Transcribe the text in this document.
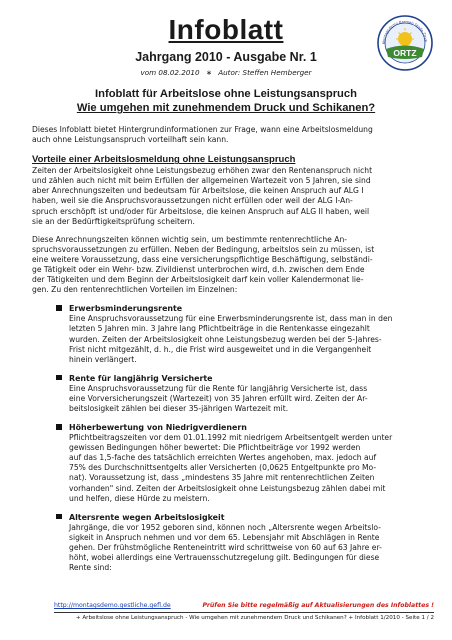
Infoblatt
Jahrgang 2010 - Ausgabe Nr. 1
vom 08.02.2010 ∗ Autor: Steffen Hemberger
ORTZ
Montagsdemo Bremen Stade Zeve
Infoblatt für Arbeitslose ohne Leistungsanspruch
Wie umgehen mit zunehmendem Druck und Schikanen?

Dieses Infoblatt bietet Hintergrundinformationen zur Frage, wann eine Arbeitslosmeldung
auch ohne Leistungsanspruch vorteilhaft sein kann.

Vorteile einer Arbeitslosmeldung ohne Leistungsanspruch

Zeiten der Arbeitslosigkeit ohne Leistungsbezug erhöhen zwar den Rentenanspruch nicht
und zählen auch nicht mit beim Erfüllen der allgemeinen Wartezeit von 5 Jahren, sie sind
aber Anrechnungszeiten und bedeutsam für Arbeitslose, die keinen Anspruch auf ALG I
haben, weil sie die Anspruchsvoraussetzungen nicht erfüllen oder weil der ALG I-An-
spruch erschöpft ist und/oder für Arbeitslose, die keinen Anspruch auf ALG II haben, weil
sie an der Bedürftigkeitsprüfung scheitern.

Diese Anrechnungszeiten können wichtig sein, um bestimmte rentenrechtliche An-
spruchsvoraussetzungen zu erfüllen. Neben der Bedingung, arbeitslos sein zu müssen, ist
eine weitere Voraussetzung, dass eine versicherungspflichtige Beschäftigung, selbständi-
ge Tätigkeit oder ein Wehr- bzw. Zivildienst unterbrochen wird, d.h. zwischen dem Ende
der Tätigkeiten und dem Beginn der Arbeitslosigkeit darf kein voller Kalendermonat lie-
gen. Zu den rentenrechtlichen Vorteilen im Einzelnen:

Erwerbsminderungsrente

Eine Anspruchsvoraussetzung für eine Erwerbsminderungsrente ist, dass man in den
letzten 5 Jahren min. 3 Jahre lang Pflichtbeiträge in die Rentenkasse eingezahlt
wurden. Zeiten der Arbeitslosigkeit ohne Leistungsbezug werden bei der 5-Jahres-
Frist nicht mitgezählt, d. h., die Frist wird ausgeweitet und in die Vergangenheit
hinein verlängert.

Rente für langjährig Versicherte

Eine Anspruchsvoraussetzung für die Rente für langjährig Versicherte ist, dass
eine Vorversicherungszeit (Wartezeit) von 35 Jahren erfüllt wird. Zeiten der Ar-
beitslosigkeit zählen bei dieser 35-jährigen Wartezeit mit.

Höherbewertung von Niedrigverdienern

Pflichtbeitragszeiten vor dem 01.01.1992 mit niedrigem Arbeitsentgelt werden unter
gewissen Bedingungen höher bewertet: Die Pflichtbeiträge vor 1992 werden
auf das 1,5-fache des tatsächlich erreichten Wertes angehoben, max. jedoch auf
75% des Durchschnittsentgelts aller Versicherten (0,0625 Entgeltpunkte pro Mo-
nat). Voraussetzung ist, dass „mindestens 35 Jahre mit rentenrechtlichen Zeiten
vorhanden" sind. Zeiten der Arbeitslosigkeit ohne Leistungsbezug zählen dabei mit
und helfen, diese Hürde zu meistern.

Altersrente wegen Arbeitslosigkeit

Jahrgänge, die vor 1952 geboren sind, können noch „Altersrente wegen Arbeitslo-
sigkeit in Anspruch nehmen und vor dem 65. Lebensjahr mit Abschlägen in Rente
gehen. Der frühstmögliche Renteneintritt wird schrittweise von 60 auf 63 Jahre er-
höht, wobei allerdings eine Vertrauensschutzregelung gilt. Bedingungen für diese
Rente sind:

http://montagsdemo.gestliche.gefl.de	Prüfen Sie bitte regelmäßig auf Aktualisierungen des Infoblattes !
+ Arbeitslose ohne Leistungsanspruch - Wie umgehen mit zunehmendem Druck und Schikanen? + Infoblatt 1/2010 - Seite 1 / 2
